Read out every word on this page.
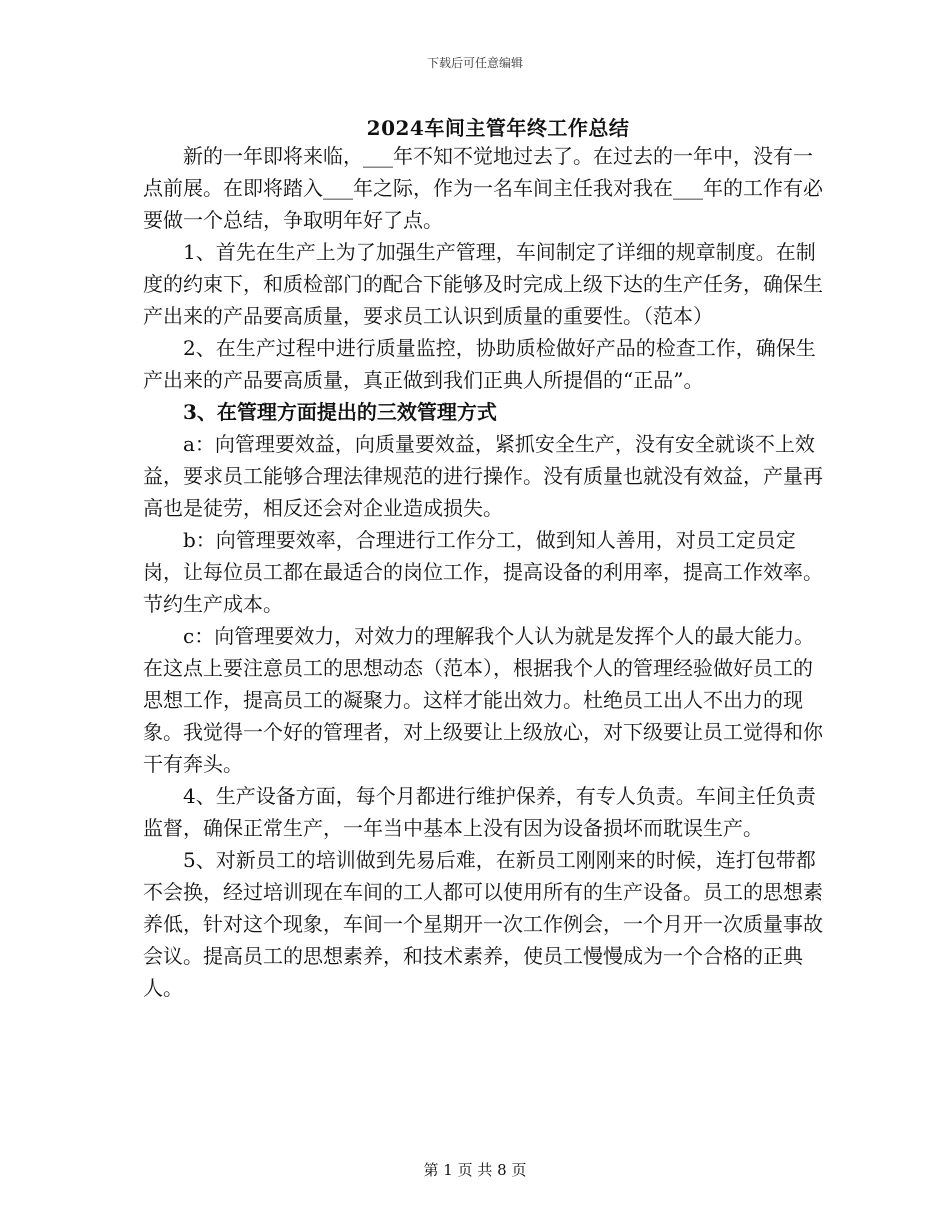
下载后可任意编辑
2024车间主管年终工作总结

新的一年即将来临，___年不知不觉地过去了。在过去的一年中，没有一点前展。在即将踏入___年之际，作为一名车间主任我对我在___年的工作有必要做一个总结，争取明年好了点。

1、首先在生产上为了加强生产管理，车间制定了详细的规章制度。在制度的约束下，和质检部门的配合下能够及时完成上级下达的生产任务，确保生产出来的产品要高质量，要求员工认识到质量的重要性。（范本）

2、在生产过程中进行质量监控，协助质检做好产品的检查工作，确保生产出来的产品要高质量，真正做到我们正典人所提倡的“正品”。

3、在管理方面提出的三效管理方式

a：向管理要效益，向质量要效益，紧抓安全生产，没有安全就谈不上效益，要求员工能够合理法律规范的进行操作。没有质量也就没有效益，产量再高也是徒劳，相反还会对企业造成损失。

b：向管理要效率，合理进行工作分工，做到知人善用，对员工定员定岗，让每位员工都在最适合的岗位工作，提高设备的利用率，提高工作效率。节约生产成本。

c：向管理要效力，对效力的理解我个人认为就是发挥个人的最大能力。在这点上要注意员工的思想动态（范本），根据我个人的管理经验做好员工的思想工作，提高员工的凝聚力。这样才能出效力。杜绝员工出人不出力的现象。我觉得一个好的管理者，对上级要让上级放心，对下级要让员工觉得和你干有奔头。

4、生产设备方面，每个月都进行维护保养，有专人负责。车间主任负责监督，确保正常生产，一年当中基本上没有因为设备损坏而耽误生产。

5、对新员工的培训做到先易后难，在新员工刚刚来的时候，连打包带都不会换，经过培训现在车间的工人都可以使用所有的生产设备。员工的思想素养低，针对这个现象，车间一个星期开一次工作例会，一个月开一次质量事故会议。提高员工的思想素养，和技术素养，使员工慢慢成为一个合格的正典人。

第 1 页 共 8 页
